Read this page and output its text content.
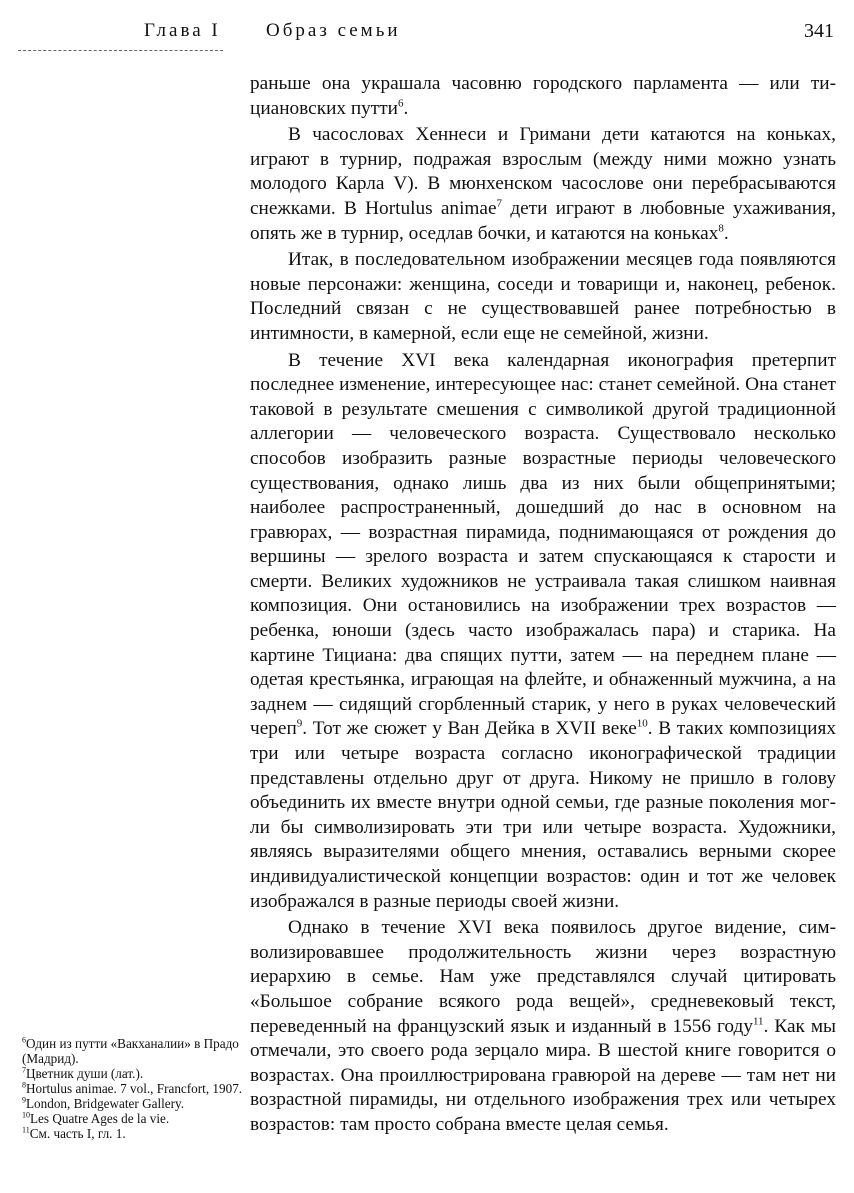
Глава I Образ семьи	341

раньше она украшала часовню городского парламента — или тициановских путти$^6$.

В часословах Хеннеси и Гримани дети катаются на коньках, играют в турнир, подражая взрослым (между ними можно узнать молодого Карла V). В мюнхенском часослове они перебрасываются снежками. В Hortulus animae$^7$ дети играют в любовные ухаживания, опять же в турнир, оседлав бочки, и катаются на коньках$^8$.

Итак, в последовательном изображении месяцев года появляются новые персонажи: женщина, соседи и товарищи и, наконец, ребенок. Последний связан с не существовавшей ранее потребностью в интимности, в камерной, если еще не семейной, жизни.

В течение XVI века календарная иконография претерпит последнее изменение, интересующее нас: станет семейной. Она станет таковой в результате смешения с символикой другой традиционной аллегории — человеческого возраста. Существовало несколько способов изобразить разные возрастные периоды человеческого существования, однако лишь два из них были общепринятыми; наиболее распространенный, дошедший до нас в основном на гравюрах, — возрастная пирамида, поднимающаяся от рождения до вершины — зрелого возраста и затем спускающаяся к старости и смерти. Великих художников не устраивала такая слишком наивная композиция. Они остановились на изображении трех возрастов — ребенка, юноши (здесь часто изображалась пара) и старика. На картине Тициана: два спящих путти, затем — на переднем плане — одетая крестьянка, играющая на флейте, и обнаженный мужчина, а на заднем — сидящий сгорбленный старик, у него в руках человеческий череп$^9$. Тот же сюжет у Ван Дейка в XVII веке$^{10}$. В таких композициях три или четыре возраста согласно иконографической традиции представлены отдельно друг от друга. Никому не пришло в голову объединить их вместе внутри одной семьи, где разные поколения могли бы символизировать эти три или четыре возраста. Художники, являясь выразителями общего мнения, оставались верными скорее индивидуалистической концепции возрастов: один и тот же человек изображался в разные периоды своей жизни.

Однако в течение XVI века появилось другое видение, символизировавшее продолжительность жизни через возрастную иерархию в семье. Нам уже представлялся случай цитировать «Большое собрание всякого рода вещей», средневековый текст, переведенный на французский язык и изданный в 1556 году$^{11}$. Как мы отмечали, это своего рода зерцало мира. В шестой книге говорится о возрастах. Она проиллюстрирована гравюрой на дереве — там нет ни возрастной пирамиды, ни отдельного изображения трех или четырех возрастов: там просто собрана вместе целая семья.

$^6$Один из путти «Вакханалии» в Прадо (Мадрид).

$^7$Цветник души (лат.).

$^8$Hortulus animae. 7 vol., Francfort, 1907.

$^9$London, Bridgewater Gallery.

$^{10}$Les Quatre Ages de la vie.

$^{11}$См. часть I, гл. 1.
